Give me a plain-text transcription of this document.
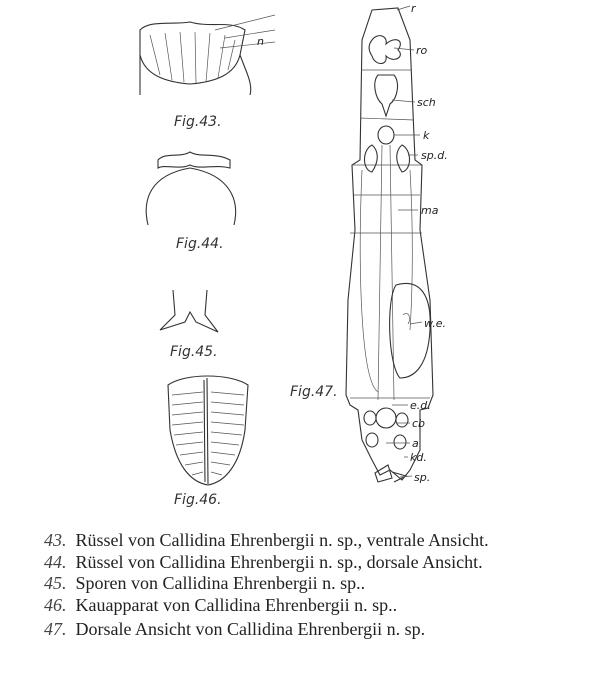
n
Fig.43.
Fig.44.
Fig.45.
Fig.46.
r
ro
sch
k
sp.d.
ma
w.e.
e.d.
cb
a
kd.
sp.
Fig.47.
43. Rüssel von Callidina Ehrenbergii n. sp., ventrale Ansicht.
44. Rüssel von Callidina Ehrenbergii n. sp., dorsale Ansicht.
45. Sporen von Callidina Ehrenbergii n. sp..
46. Kauapparat von Callidina Ehrenbergii n. sp..
47. Dorsale Ansicht von Callidina Ehrenbergii n. sp.
